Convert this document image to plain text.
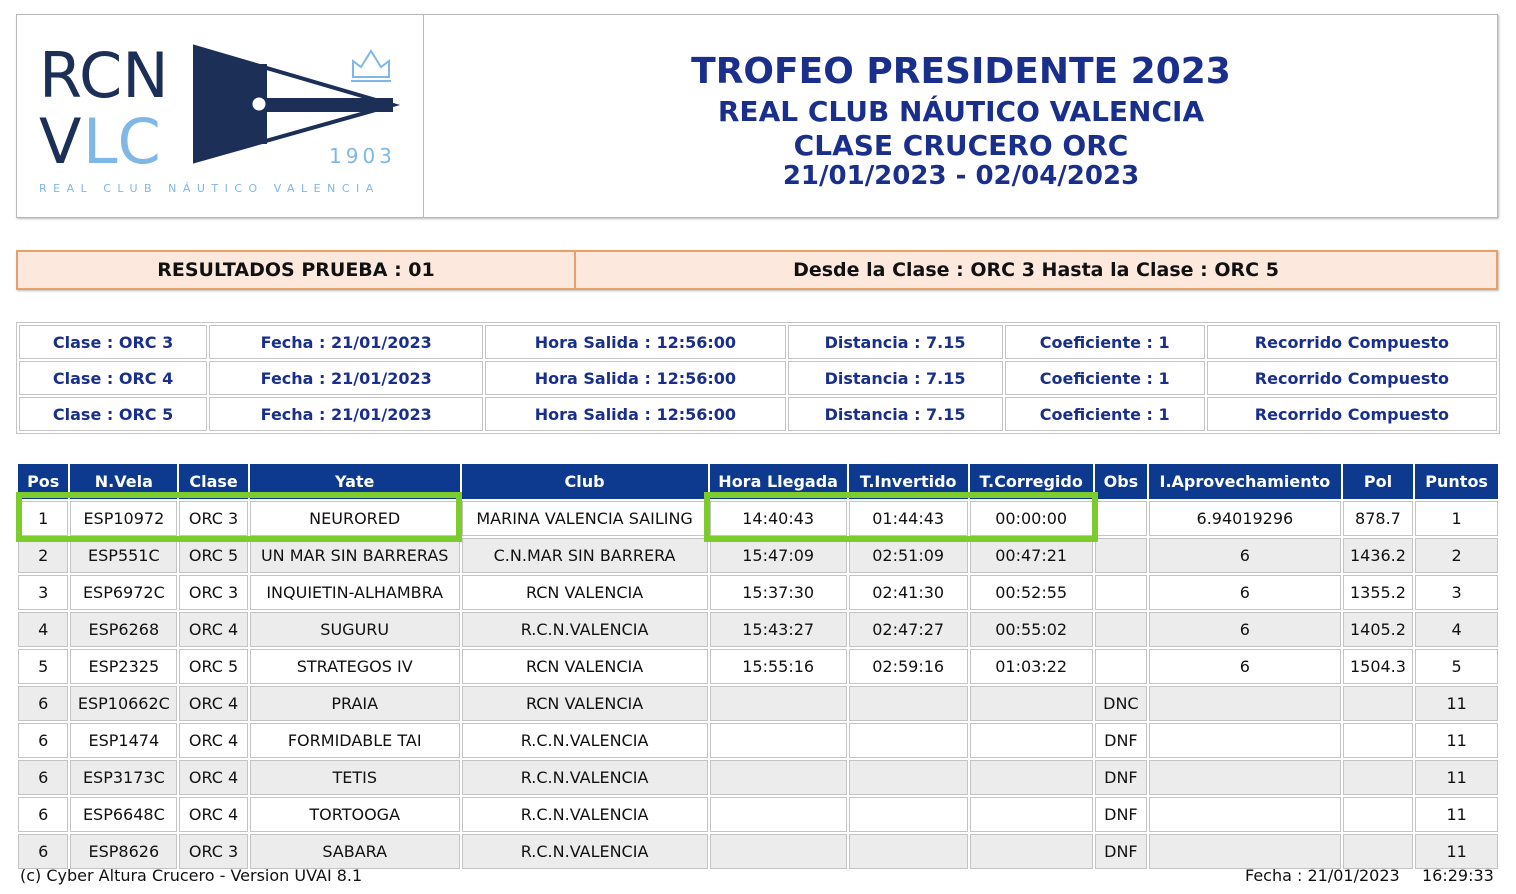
RCN
V LC	1903
REAL CLUB NÁUTICO VALENCIA
TROFEO PRESIDENTE 2023
REAL CLUB NÁUTICO VALENCIA
CLASE CRUCERO ORC
21/01/2023 - 02/04/2023
RESULTADOS PRUEBA : 01	Desde la Clase : ORC 3 Hasta la Clase : ORC 5
Clase : ORC 3	Fecha : 21/01/2023	Hora Salida : 12:56:00	Distancia : 7.15	Coeficiente : 1	Recorrido Compuesto
Clase : ORC 4	Fecha : 21/01/2023	Hora Salida : 12:56:00	Distancia : 7.15	Coeficiente : 1	Recorrido Compuesto
Clase : ORC 5	Fecha : 21/01/2023	Hora Salida : 12:56:00	Distancia : 7.15	Coeficiente : 1	Recorrido Compuesto
Pos	N.Vela	Clase	Yate	Club	Hora Llegada	T.Invertido	T.Corregido	Obs	I.Aprovechamiento	Pol	Puntos
1	ESP10972	ORC 3	NEURORED	MARINA VALENCIA SAILING	14:40:43	01:44:43	00:00:00		6.94019296	878.7	1
2	ESP551C	ORC 5	UN MAR SIN BARRERAS	C.N.MAR SIN BARRERA	15:47:09	02:51:09	00:47:21		6	1436.2	2
3	ESP6972C	ORC 3	INQUIETIN-ALHAMBRA	RCN VALENCIA	15:37:30	02:41:30	00:52:55		6	1355.2	3
4	ESP6268	ORC 4	SUGURU	R.C.N.VALENCIA	15:43:27	02:47:27	00:55:02		6	1405.2	4
5	ESP2325	ORC 5	STRATEGOS IV	RCN VALENCIA	15:55:16	02:59:16	01:03:22		6	1504.3	5
6	ESP10662C	ORC 4	PRAIA	RCN VALENCIA				DNC			11
6	ESP1474	ORC 4	FORMIDABLE TAI	R.C.N.VALENCIA				DNF			11
6	ESP3173C	ORC 4	TETIS	R.C.N.VALENCIA				DNF			11
6	ESP6648C	ORC 4	TORTOOGA	R.C.N.VALENCIA				DNF			11
6	ESP8626	ORC 3	SABARA	R.C.N.VALENCIA				DNF			11
(c) Cyber Altura Crucero - Version UVAI 8.1	Fecha : 21/01/2023 16:29:33
